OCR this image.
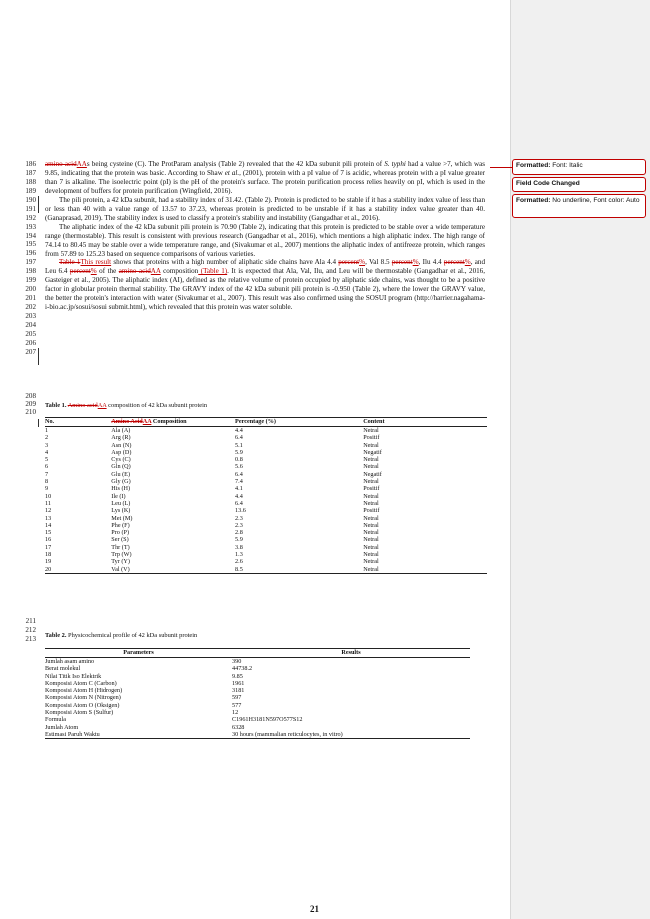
186
187
188
189
190
191
192
193
194
195
196
197
198
199
200
201
202
203
204
205
206
207
208
209
210
211
212
213

amino acidAAs being cysteine (C). The ProtParam analysis (Table 2) revealed that the 42 kDa subunit pili protein of S. typhi had a value >7, which was 9.85, indicating that the protein was basic. According to Shaw et al., (2001), protein with a pI value of 7 is acidic, whereas protein with a pI value greater than 7 is alkaline. The isoelectric point (pI) is the pH of the protein's surface. The protein purification process relies heavily on pI, which is used in the development of buffers for protein purification (Wingfield, 2016).

The pili protein, a 42 kDa subunit, had a stability index of 31.42. (Table 2). Protein is predicted to be stable if it has a stability index value of less than or less than 40 with a value range of 13.57 to 37.23, whereas protein is predicted to be unstable if it has a stability index value greater than 40. (Ganaprasad, 2019). The stability index is used to classify a protein's stability and instability (Gangadhar et al., 2016).

The aliphatic index of the 42 kDa subunit pili protein is 70.90 (Table 2), indicating that this protein is predicted to be stable over a wide temperature range (thermostable). This result is consistent with previous research (Gangadhar et al., 2016), which mentions a high aliphatic index. The high range of 74.14 to 80.45 may be stable over a wide temperature range, and (Sivakumar et al., 2007) mentions the aliphatic index of antifreeze protein, which ranges from 57.89 to 125.23 based on sequence comparisons of various varieties.

Table 1This result shows that proteins with a high number of aliphatic side chains have Ala 4.4 percent%, Val 8.5 percent%, Ilu 4.4 percent%, and Leu 6.4 percent% of the amino acidAA composition (Table 1). It is expected that Ala, Val, Ilu, and Leu will be thermostable (Gangadhar et al., 2016, Gasteiger et al., 2005). The aliphatic index (AI), defined as the relative volume of protein occupied by aliphatic side chains, was thought to be a positive factor in globular protein thermal stability. The GRAVY index of the 42 kDa subunit pili protein is -0.950 (Table 2), where the lower the GRAVY value, the better the protein's interaction with water (Sivakumar et al., 2007). This result was also confirmed using the SOSUI program (http://harrier.nagahama-i-bio.ac.jp/sosui/sosui submit.html), which revealed that this protein was water soluble.

Table 1. Amino acidAA composition of 42 kDa subunit protein
No.	Amino AcidAA Composition	Percentage (%)	Content
1	Ala (A)	4.4	Netral
2	Arg (R)	6.4	Positif
3	Asn (N)	5.1	Netral
4	Asp (D)	5.9	Negatif
5	Cys (C)	0.8	Netral
6	Gln (Q)	5.6	Netral
7	Glu (E)	6.4	Negatif
8	Gly (G)	7.4	Netral
9	His (H)	4.1	Positif
10	Ile (I)	4.4	Netral
11	Leu (L)	6.4	Netral
12	Lys (K)	13.6	Positif
13	Met (M)	2.3	Netral
14	Phe (F)	2.3	Netral
15	Pro (P)	2.8	Netral
16	Ser (S)	5.9	Netral
17	Thr (T)	3.8	Netral
18	Trp (W)	1.3	Netral
19	Tyr (Y)	2.6	Netral
20	Val (V)	8.5	Netral
Table 2. Physicochemical profile of 42 kDa subunit protein
Parameters	Results
Jumlah asam amino	390
Berat molekul	44738.2
Nilai Titik Iso Elektrik	9.85
Komposisi Atom C (Carbon)	1961
Komposisi Atom H (Hidrogen)	3181
Komposisi Atom N (Nitrogen)	597
Komposisi Atom O (Oksigen)	577
Komposisi Atom S (Sulfur)	12
Formula	C1961H3181N597O577S12
Jumlah Atom	6328
Estimasi Paruh Waktu	30 hours (mammalian reticulocytes, in vitro)
21
Formatted: Font: Italic
Field Code Changed
Formatted: No underline, Font color: Auto
